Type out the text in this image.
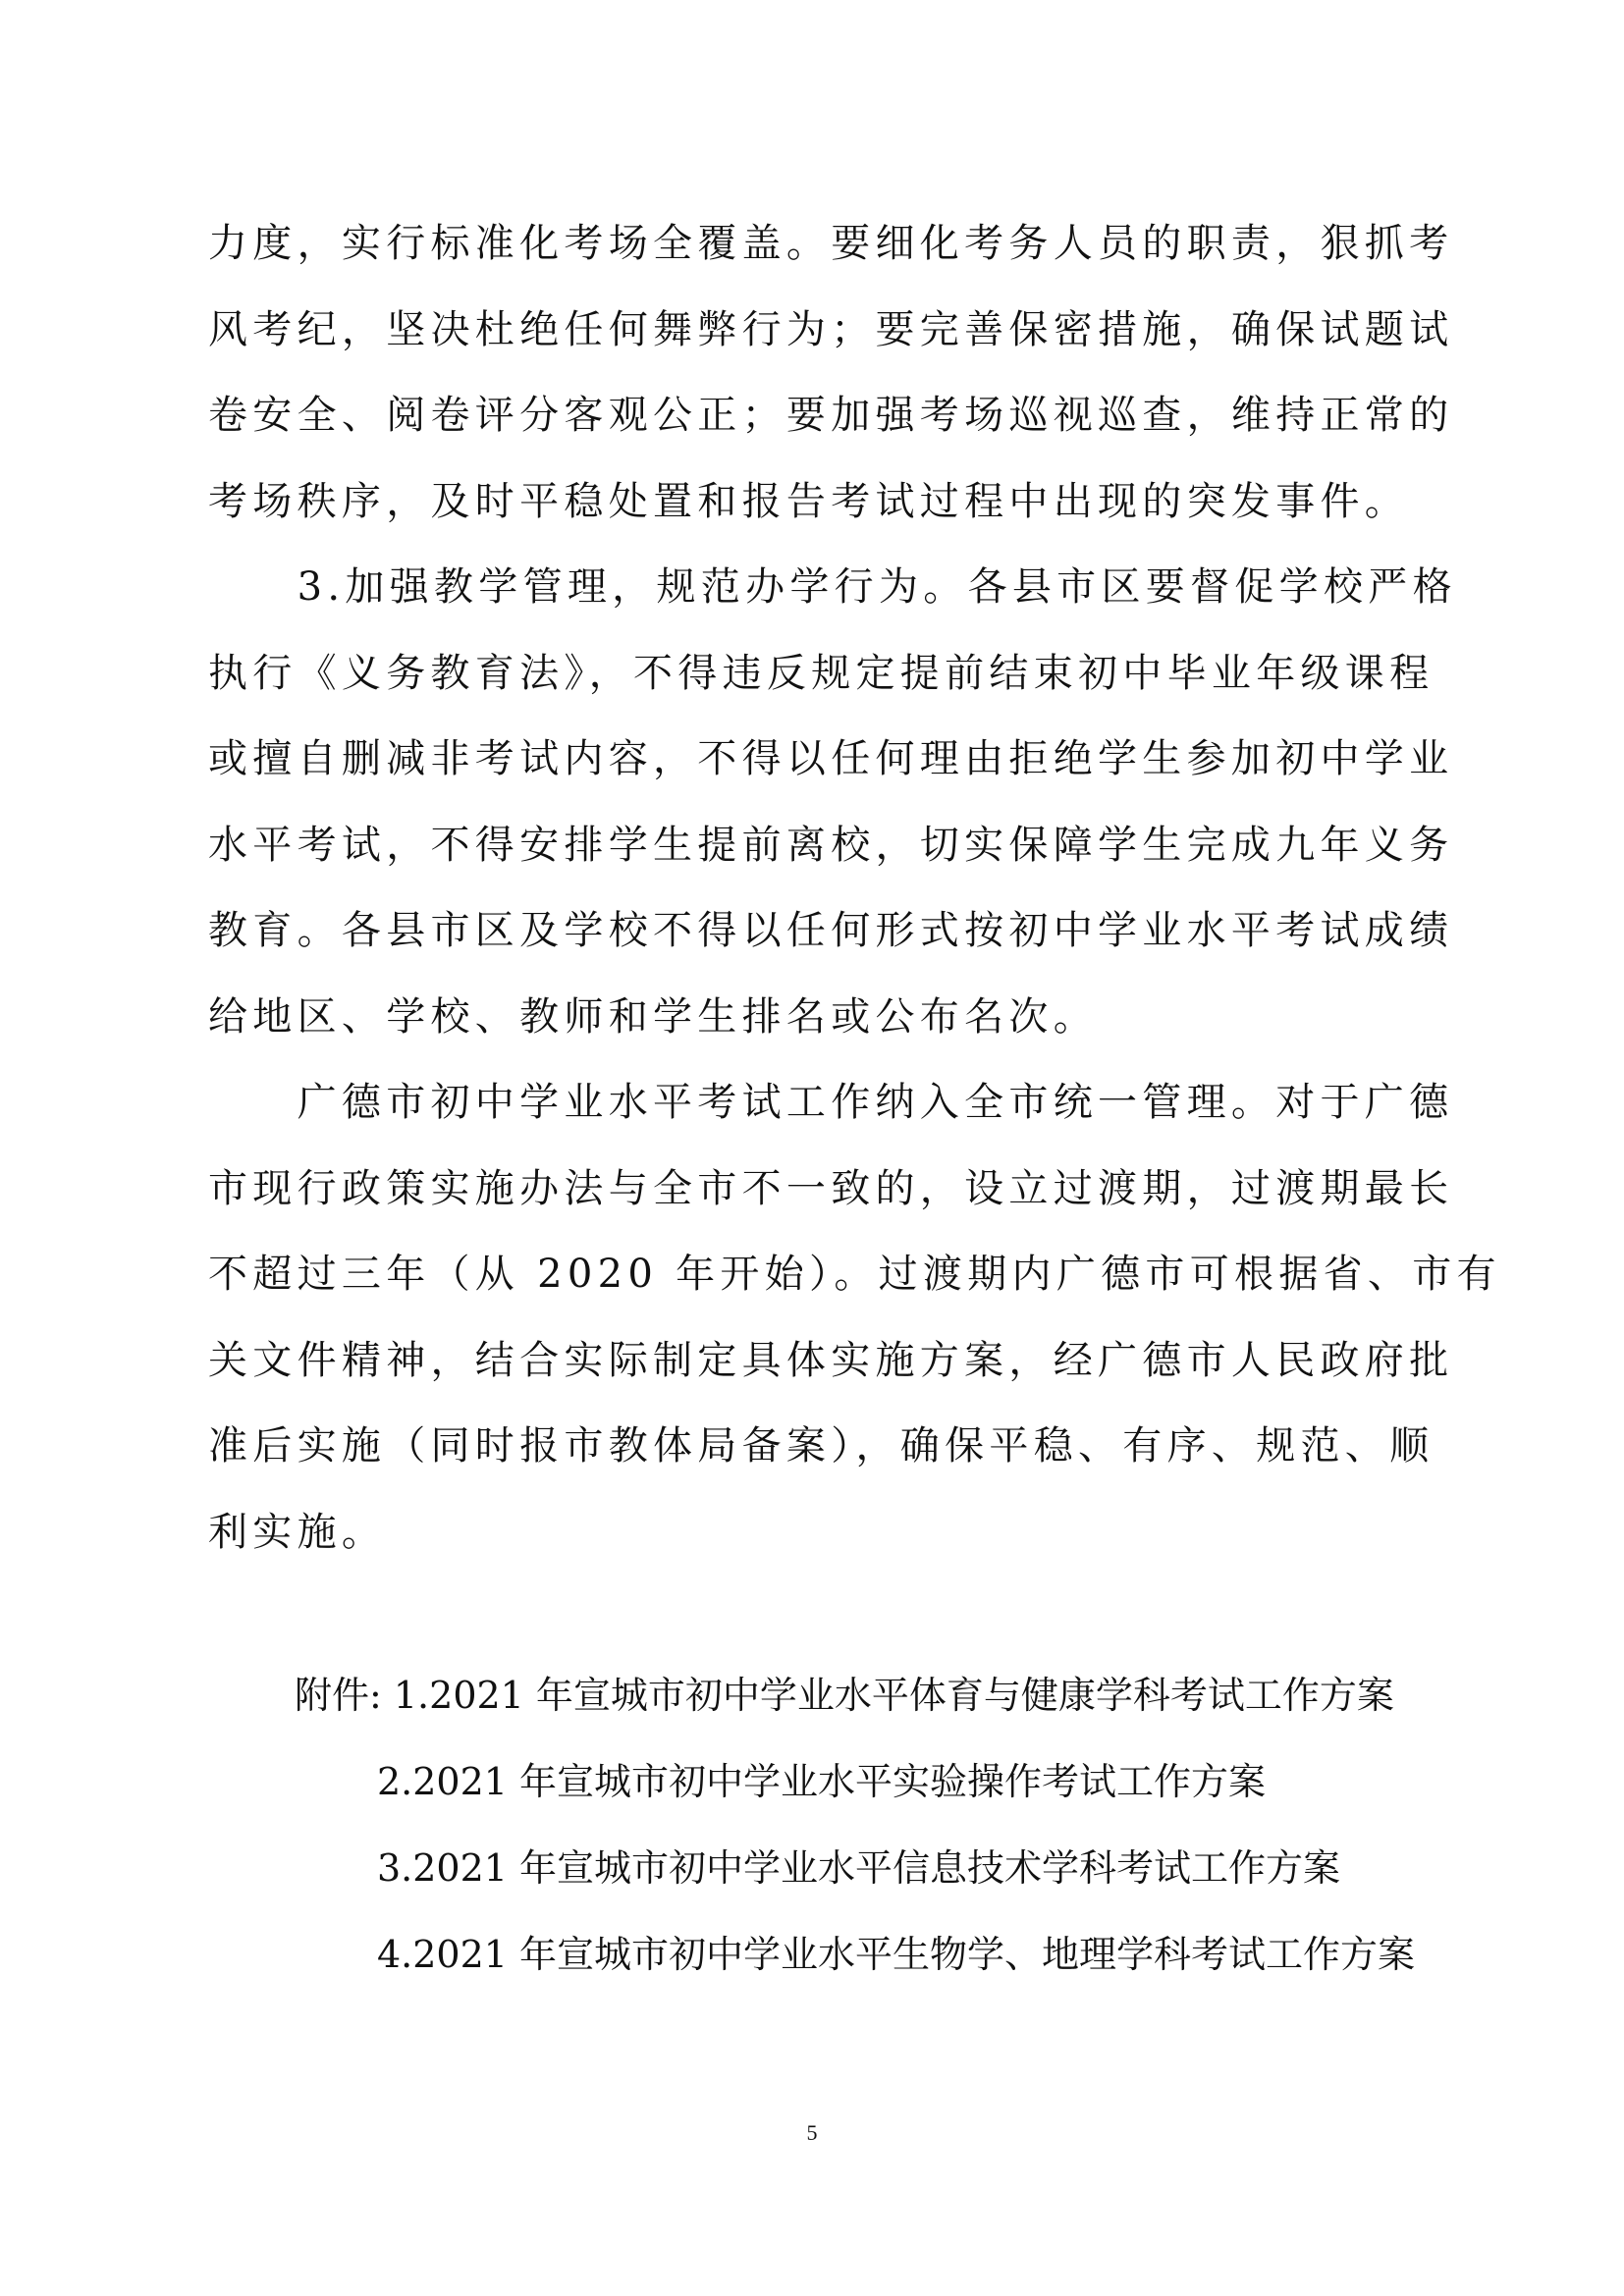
力度，实行标准化考场全覆盖。要细化考务人员的职责，狠抓考
风考纪，坚决杜绝任何舞弊行为；要完善保密措施，确保试题试
卷安全、阅卷评分客观公正；要加强考场巡视巡查，维持正常的
考场秩序，及时平稳处置和报告考试过程中出现的突发事件。
　　3.加强教学管理，规范办学行为。各县市区要督促学校严格
执行《义务教育法》，不得违反规定提前结束初中毕业年级课程
或擅自删减非考试内容，不得以任何理由拒绝学生参加初中学业
水平考试，不得安排学生提前离校，切实保障学生完成九年义务
教育。各县市区及学校不得以任何形式按初中学业水平考试成绩
给地区、学校、教师和学生排名或公布名次。
　　广德市初中学业水平考试工作纳入全市统一管理。对于广德
市现行政策实施办法与全市不一致的，设立过渡期，过渡期最长
不超过三年（从 2020 年开始）。过渡期内广德市可根据省、市有
关文件精神，结合实际制定具体实施方案，经广德市人民政府批
准后实施（同时报市教体局备案），确保平稳、有序、规范、顺
利实施。
附件: 1.2021 年宣城市初中学业水平体育与健康学科考试工作方案
2.2021 年宣城市初中学业水平实验操作考试工作方案
3.2021 年宣城市初中学业水平信息技术学科考试工作方案
4.2021 年宣城市初中学业水平生物学、地理学科考试工作方案
5
